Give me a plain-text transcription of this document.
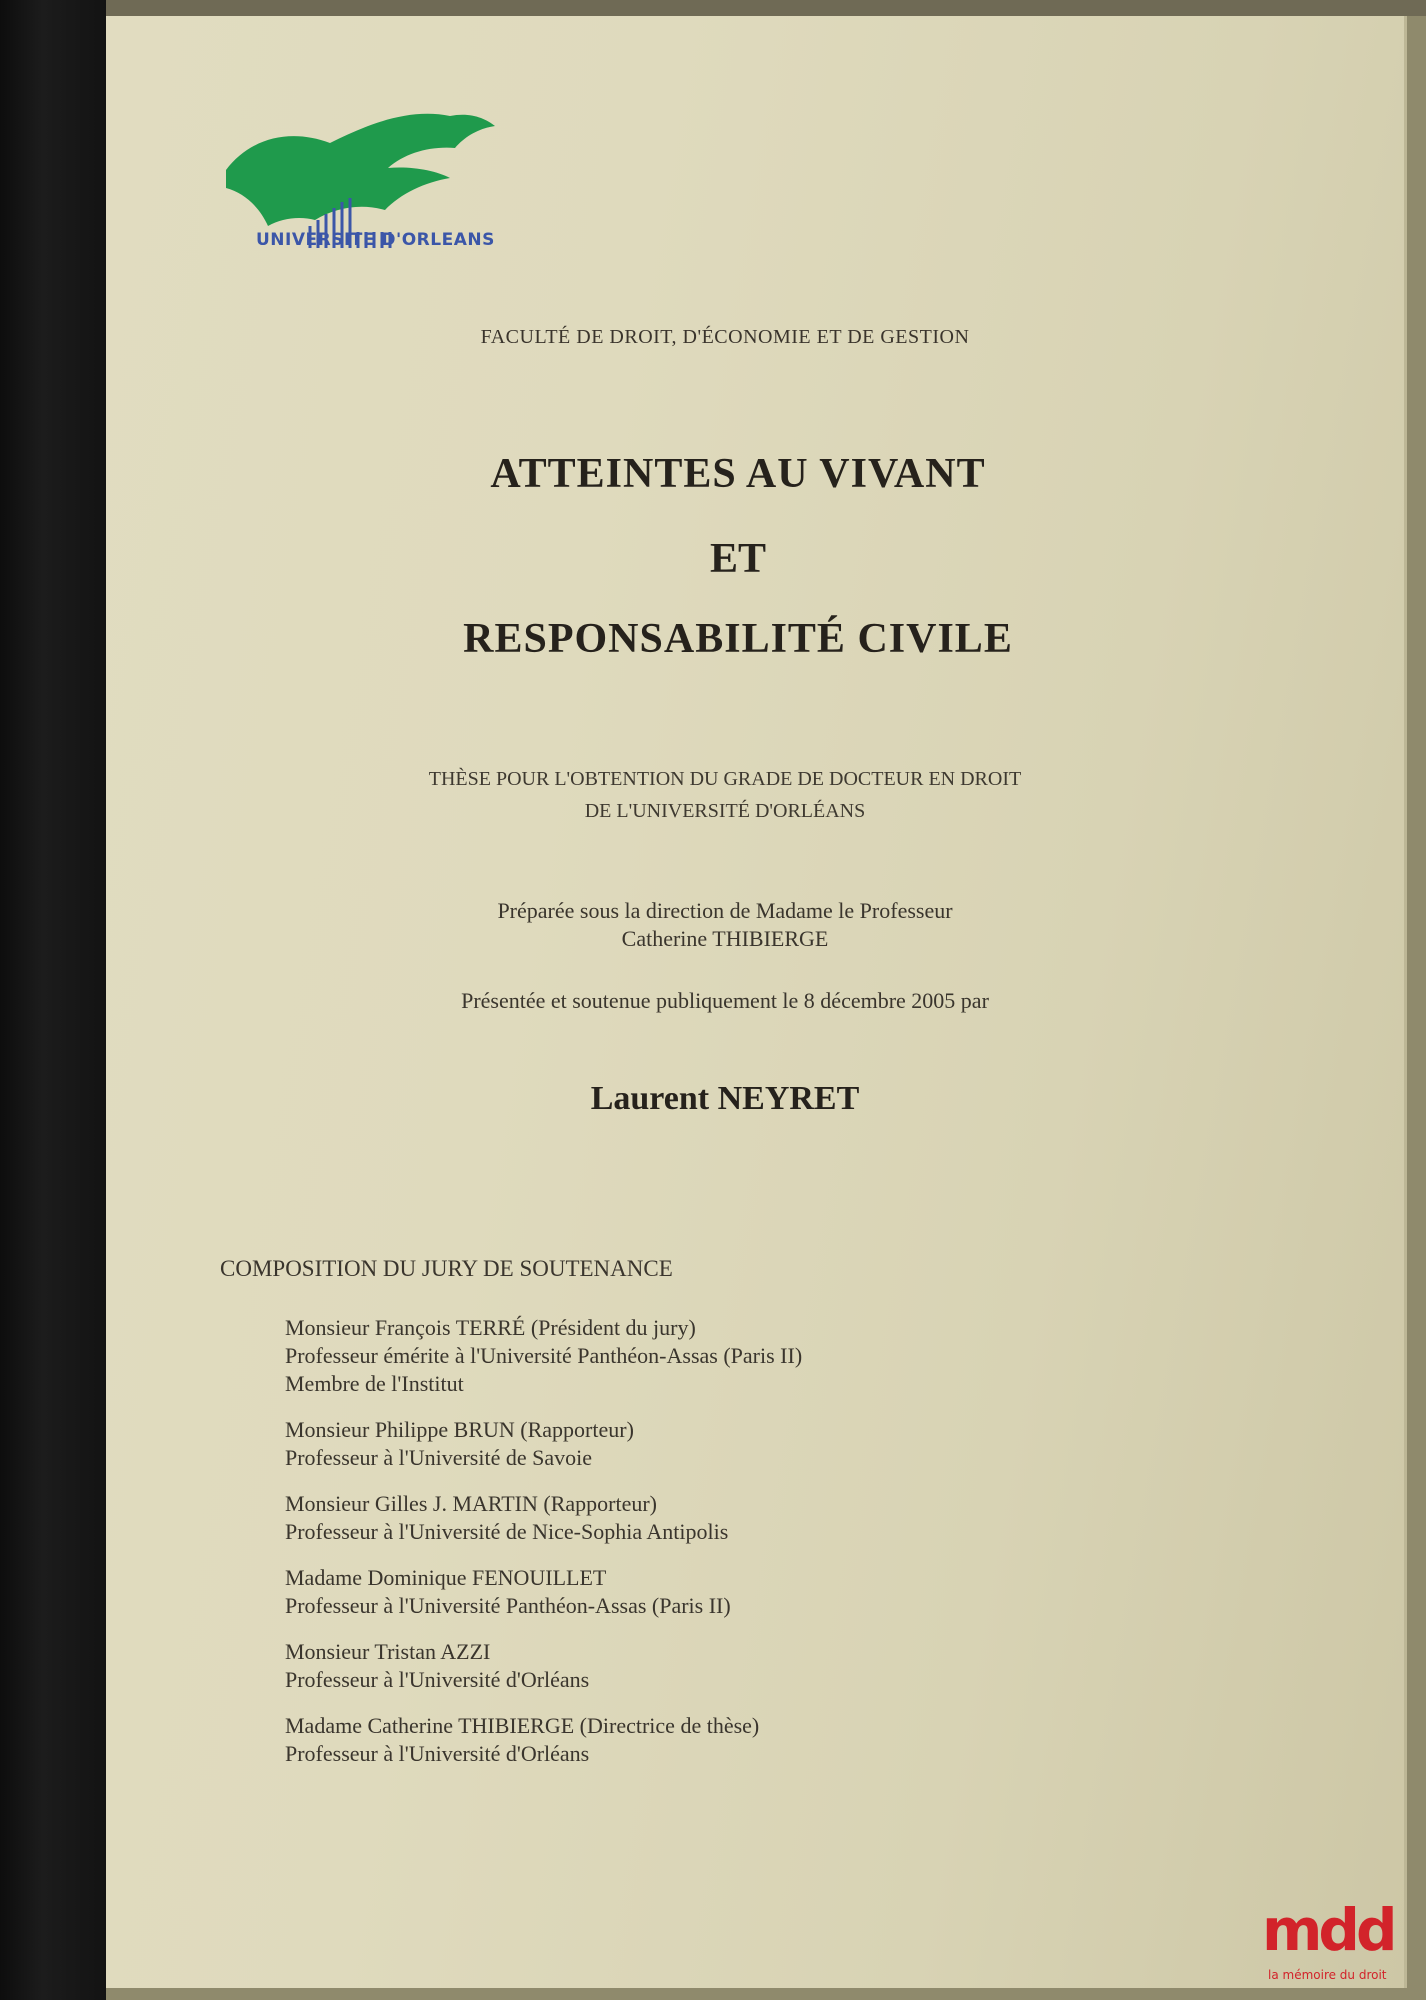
UNIVERSITE D'ORLEANS
FACULTÉ DE DROIT, D'ÉCONOMIE ET DE GESTION
ATTEINTES AU VIVANT
ET
RESPONSABILITÉ CIVILE
THÈSE POUR L'OBTENTION DU GRADE DE DOCTEUR EN DROIT
DE L'UNIVERSITÉ D'ORLÉANS
Préparée sous la direction de Madame le Professeur
Catherine THIBIERGE
Présentée et soutenue publiquement le 8 décembre 2005 par
Laurent NEYRET
COMPOSITION DU JURY DE SOUTENANCE
Monsieur François TERRÉ (Président du jury)
Professeur émérite à l'Université Panthéon-Assas (Paris II)
Membre de l'Institut
Monsieur Philippe BRUN (Rapporteur)
Professeur à l'Université de Savoie
Monsieur Gilles J. MARTIN (Rapporteur)
Professeur à l'Université de Nice-Sophia Antipolis
Madame Dominique FENOUILLET
Professeur à l'Université Panthéon-Assas (Paris II)
Monsieur Tristan AZZI
Professeur à l'Université d'Orléans
Madame Catherine THIBIERGE (Directrice de thèse)
Professeur à l'Université d'Orléans
mdd
la mémoire du droit
